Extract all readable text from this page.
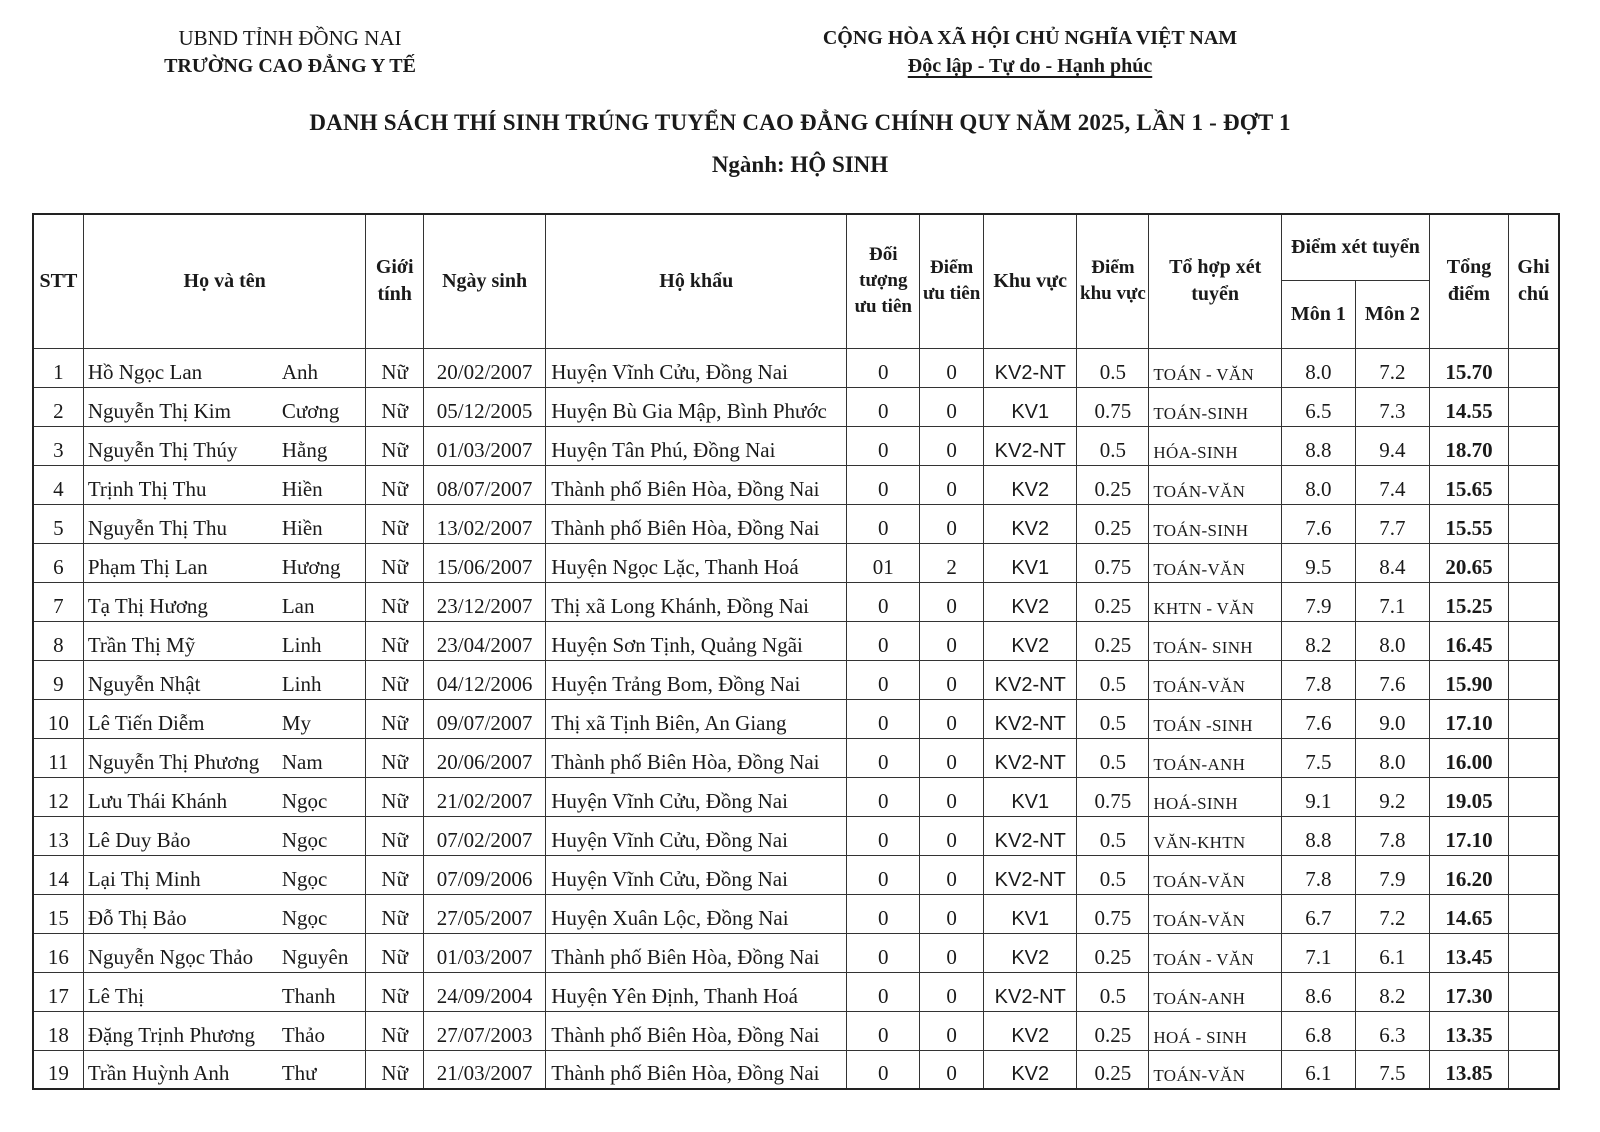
UBND TỈNH ĐỒNG NAI
TRƯỜNG CAO ĐẲNG Y TẾ
CỘNG HÒA XÃ HỘI CHỦ NGHĨA VIỆT NAM
Độc lập - Tự do - Hạnh phúc
DANH SÁCH THÍ SINH TRÚNG TUYỂN CAO ĐẲNG CHÍNH QUY NĂM 2025, LẦN 1 - ĐỢT 1
Ngành: HỘ SINH
STT	Họ và tên	Giới tính	Ngày sinh	Hộ khẩu	Đối tượng ưu tiên	Điểm ưu tiên	Khu vực	Điểm khu vực	Tổ hợp xét tuyển	Điểm xét tuyển		Tổng điểm	Ghi chú
										Môn 1	Môn 2		
1	Hồ Ngọc Lan Anh	Nữ	20/02/2007	Huyện Vĩnh Cửu, Đồng Nai	0	0	KV2-NT	0.5	TOÁN - VĂN	8.0	7.2	15.70	
2	Nguyễn Thị Kim Cương	Nữ	05/12/2005	Huyện Bù Gia Mập, Bình Phước	0	0	KV1	0.75	TOÁN-SINH	6.5	7.3	14.55	
3	Nguyễn Thị Thúy Hằng	Nữ	01/03/2007	Huyện Tân Phú, Đồng Nai	0	0	KV2-NT	0.5	HÓA-SINH	8.8	9.4	18.70	
4	Trịnh Thị Thu Hiền	Nữ	08/07/2007	Thành phố Biên Hòa, Đồng Nai	0	0	KV2	0.25	TOÁN-VĂN	8.0	7.4	15.65	
5	Nguyễn Thị Thu Hiền	Nữ	13/02/2007	Thành phố Biên Hòa, Đồng Nai	0	0	KV2	0.25	TOÁN-SINH	7.6	7.7	15.55	
6	Phạm Thị Lan Hương	Nữ	15/06/2007	Huyện Ngọc Lặc, Thanh Hoá	01	2	KV1	0.75	TOÁN-VĂN	9.5	8.4	20.65	
7	Tạ Thị Hương Lan	Nữ	23/12/2007	Thị xã Long Khánh, Đồng Nai	0	0	KV2	0.25	KHTN - VĂN	7.9	7.1	15.25	
8	Trần Thị Mỹ Linh	Nữ	23/04/2007	Huyện Sơn Tịnh, Quảng Ngãi	0	0	KV2	0.25	TOÁN- SINH	8.2	8.0	16.45	
9	Nguyễn Nhật Linh	Nữ	04/12/2006	Huyện Trảng Bom, Đồng Nai	0	0	KV2-NT	0.5	TOÁN-VĂN	7.8	7.6	15.90	
10	Lê Tiến Diễm My	Nữ	09/07/2007	Thị xã Tịnh Biên, An Giang	0	0	KV2-NT	0.5	TOÁN -SINH	7.6	9.0	17.10	
11	Nguyễn Thị Phương Nam	Nữ	20/06/2007	Thành phố Biên Hòa, Đồng Nai	0	0	KV2-NT	0.5	TOÁN-ANH	7.5	8.0	16.00	
12	Lưu Thái Khánh Ngọc	Nữ	21/02/2007	Huyện Vĩnh Cửu, Đồng Nai	0	0	KV1	0.75	HOÁ-SINH	9.1	9.2	19.05	
13	Lê Duy Bảo Ngọc	Nữ	07/02/2007	Huyện Vĩnh Cửu, Đồng Nai	0	0	KV2-NT	0.5	VĂN-KHTN	8.8	7.8	17.10	
14	Lại Thị Minh Ngọc	Nữ	07/09/2006	Huyện Vĩnh Cửu, Đồng Nai	0	0	KV2-NT	0.5	TOÁN-VĂN	7.8	7.9	16.20	
15	Đỗ Thị Bảo Ngọc	Nữ	27/05/2007	Huyện Xuân Lộc, Đồng Nai	0	0	KV1	0.75	TOÁN-VĂN	6.7	7.2	14.65	
16	Nguyễn Ngọc Thảo Nguyên	Nữ	01/03/2007	Thành phố Biên Hòa, Đồng Nai	0	0	KV2	0.25	TOÁN - VĂN	7.1	6.1	13.45	
17	Lê Thị Thanh	Nữ	24/09/2004	Huyện Yên Định, Thanh Hoá	0	0	KV2-NT	0.5	TOÁN-ANH	8.6	8.2	17.30	
18	Đặng Trịnh Phương Thảo	Nữ	27/07/2003	Thành phố Biên Hòa, Đồng Nai	0	0	KV2	0.25	HOÁ - SINH	6.8	6.3	13.35	
19	Trần Huỳnh Anh Thư	Nữ	21/03/2007	Thành phố Biên Hòa, Đồng Nai	0	0	KV2	0.25	TOÁN-VĂN	6.1	7.5	13.85	
